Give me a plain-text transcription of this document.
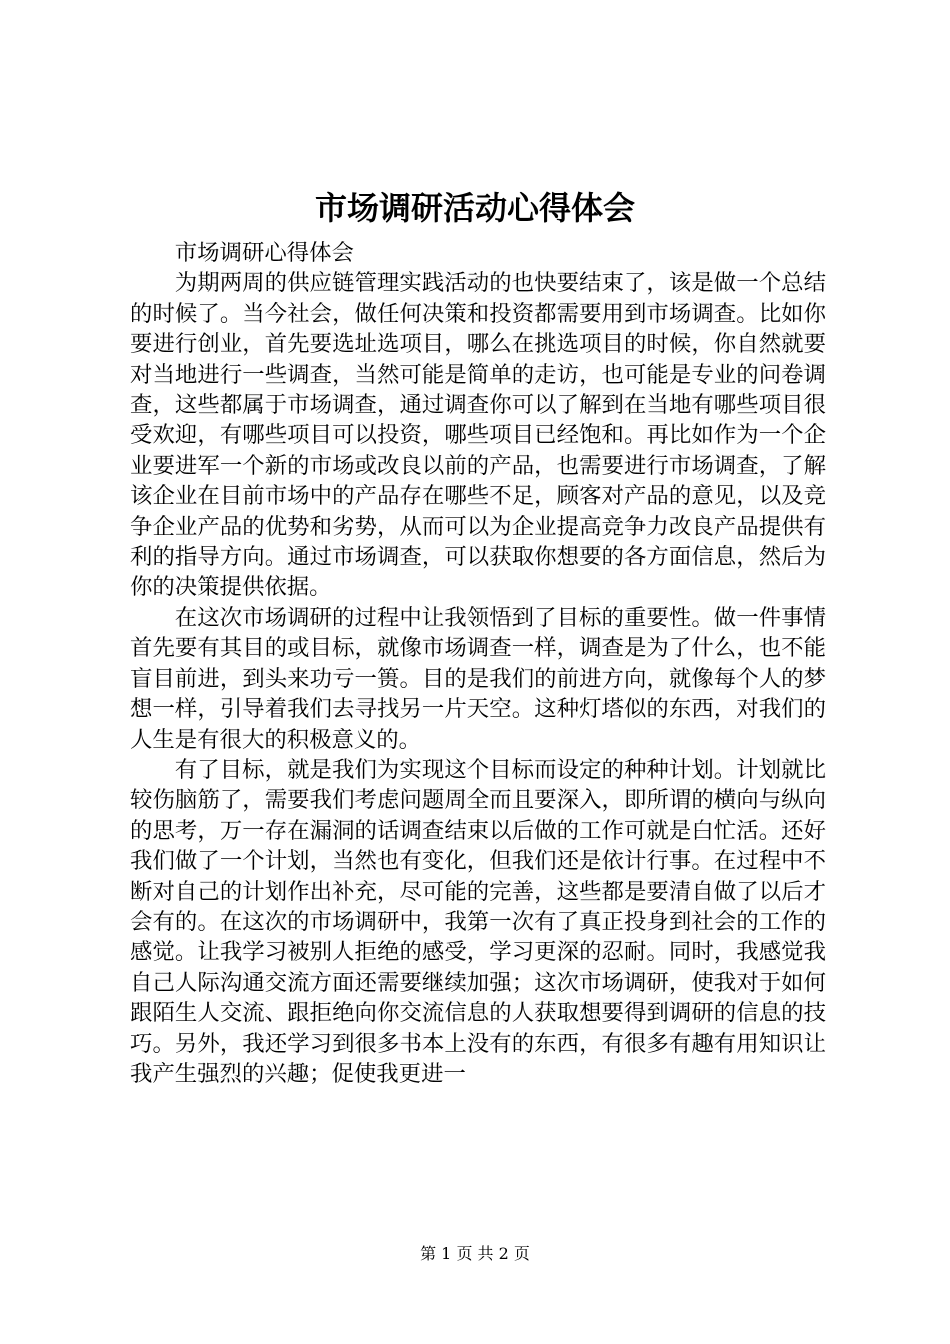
市场调研活动心得体会

市场调研心得体会

为期两周的供应链管理实践活动的也快要结束了，该是做一个总结的时候了。当今社会，做任何决策和投资都需要用到市场调查。比如你要进行创业，首先要选址选项目，哪么在挑选项目的时候，你自然就要对当地进行一些调查，当然可能是简单的走访，也可能是专业的问卷调查，这些都属于市场调查，通过调查你可以了解到在当地有哪些项目很受欢迎，有哪些项目可以投资，哪些项目已经饱和。再比如作为一个企业要进军一个新的市场或改良以前的产品，也需要进行市场调查，了解该企业在目前市场中的产品存在哪些不足，顾客对产品的意见，以及竞争企业产品的优势和劣势，从而可以为企业提高竞争力改良产品提供有利的指导方向。通过市场调查，可以获取你想要的各方面信息，然后为你的决策提供依据。

在这次市场调研的过程中让我领悟到了目标的重要性。做一件事情首先要有其目的或目标，就像市场调查一样，调查是为了什么，也不能盲目前进，到头来功亏一篑。目的是我们的前进方向，就像每个人的梦想一样，引导着我们去寻找另一片天空。这种灯塔似的东西，对我们的人生是有很大的积极意义的。

有了目标，就是我们为实现这个目标而设定的种种计划。计划就比较伤脑筋了，需要我们考虑问题周全而且要深入，即所谓的横向与纵向的思考，万一存在漏洞的话调查结束以后做的工作可就是白忙活。还好我们做了一个计划，当然也有变化，但我们还是依计行事。在过程中不断对自己的计划作出补充，尽可能的完善，这些都是要清自做了以后才会有的。在这次的市场调研中，我第一次有了真正投身到社会的工作的感觉。让我学习被别人拒绝的感受，学习更深的忍耐。同时，我感觉我自己人际沟通交流方面还需要继续加强；这次市场调研，使我对于如何跟陌生人交流、跟拒绝向你交流信息的人获取想要得到调研的信息的技巧。另外，我还学习到很多书本上没有的东西，有很多有趣有用知识让我产生强烈的兴趣；促使我更进一

第 1 页 共 2 页
